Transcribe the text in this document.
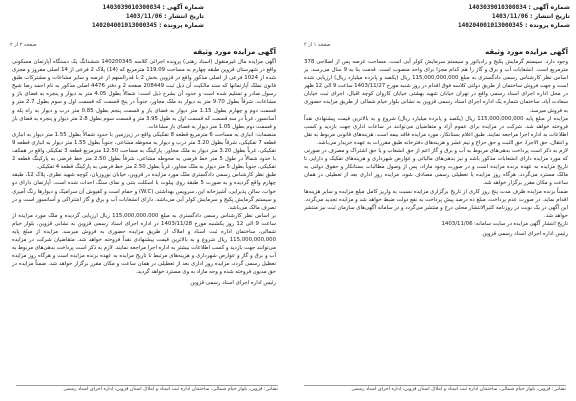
شماره آگهی : 1403039010300834
تاریخ انتشار : 1403/11/06
شماره پرونده : 140204001013000345
صفحه ۲ از ۲
آگهی مزایده مورد وثیقه

آگهی مزایده مال غیرمنقول (اسناد رهنی) پرونده اجرائی کلاسه 140200345 ششدانگ یک دستگاه آپارتمان مسکونی واقع در شهرستان قزوین طبقه چهارم به مساحت 119.09 مترمربع که (14) پلاک 2 فرعی از 14 اصلی مفروز و مجزی شده از 1024 فرعی از اصلی مذکور واقع در قزوین بخش 2 با قدرالسهم از عرصه و سایر مشاعات و مشترکات طبق قانون تملک آپارتمانها که سند مالکیت آن ذیل ثبت 208449 صفحه 2 و دفتر 4476 اصلی مذکور به نام احمد رضا شیخ رسول صادر و تسلیم شده است و حدود آن بشرح ذیل است: شمالاً بطول 4.05 متر به دیوار و پنجره به فضای باز و مشاعات، شرقاً بطول 9.70 متر به دیوار به ملک مجاور، جنوباً در پنج قسمت که قسمت اول و سوم بطول 2.7 متر و قسمت دوم و چهارم بطول 1.15 متر دیوار به فضای باز و قسمت پنجم بطول 0.85 متر درب و دیوار به راه پله و آسانسور، غرباً در سه قسمت که قسمت اول به طول 3.95 متر و قسمت سوم بطول 2.8 متر دیوار و پنجره به فضای باز و قسمت دوم بطول 1.05 متر دیوار به فضای باز مشاعات.

منضمات: انباری به مساحت 6 مترمربع قطعه 8 تفکیکی واقع در زیرزمین با حدود شمالاً بطول 1.55 متر دیوار به انباری قطعه 7 تفکیکی، شرقاً بطول 3.20 متر درب و دیوار به محوطه مشاعی، جنوباً بطول 1.55 متر دیوار به انباری قطعه 9 تفکیکی، غرباً بطول 3.20 متر دیوار به ملک مجاور. پارکینگ به مساحت 12.50 مترمربع قطعه 3 تفکیکی واقع در همکف با حدود شمالاً در طول 5 متر خط فرضی به محوطه مشاعی، شرقاً بطول 2.50 متر خط فرضی به پارکینگ قطعه 2 تفکیکی، جنوباً بطول 5 متر دیوار به ملک مجاور، غرباً بطول 2.50 متر خط فرضی به پارکینگ قطعه 4 تفکیکی.

طبق نظر کارشناس رسمی دادگستری ملک مورد مزایده در قزوین، خیابان نوروزیان، کوچه شهید نظری، پلاک 12، طبقه چهارم واقع گردیده و به صورت 5 طبقه روی پیلوت با اسکلت بتنی و نمای سنگ احداث شده است. آپارتمان دارای دو خواب، سالن پذیرایی، آشپزخانه اپن، سرویس بهداشتی (W.C) و حمام است و کفپوش آن سرامیک و دیوارها رنگ آمیزی و سیستم گرمایش پکیج و سرمایش کولر آبی می‌باشد. دارای انشعابات آب و برق و گاز اشتراکی و آسانسور است و در تصرف مالک می‌باشد.

بر اساس نظر کارشناس رسمی دادگستری به مبلغ 115,000,000,000 ریال ارزیابی گردیده و ملک مورد مزایده از ساعت 9 الی 12 روز یکشنبه مورخ 1403/11/28 در اداره اجرای اسناد رسمی قزوین به نشانی قزوین، بلوار خیام شمالی، ساختمان اداره ثبت اسناد و املاک از طریق مزایده حضوری به فروش میرسد. مزایده از مبلغ پایه 115,000,000,000 ریال شروع و به بالاترین قیمت پیشنهادی نقداً فروخته خواهد شد. متقاضیان شرکت در مزایده می‌توانند جهت بازدید و کسب اطلاعات بیشتر به اداره اجرا مراجعه نمایند. لازم به ذکر است پرداخت بدهی‌های مربوط به آب و برق و گاز و عوارض شهرداری و هزینه‌های مرتبط تا تاریخ مزایده به عهده برنده مزایده است و هرگاه روز مزایده تعطیل رسمی گردد، مزایده روز اداری بعد از تعطیلی در همان ساعت و مکان مقرر برگزار خواهد شد. ضمناً مزایده در حق مدیون فروخته شده و وجه مازاد به وی مسترد خواهد گردید.

رئیس اداره اجرای اسناد رسمی قزوین
نشانی: قزوین، بلوار خیام شمالی، ساختمان اداره ثبت اسناد و املاک استان قزوین، اداره اجرای اسناد رسمی
شماره آگهی : 1403039010300834
تاریخ انتشار : 1403/11/06
شماره پرونده : 140204001013000345
صفحه ۱ از ۲
آگهی مزایده مورد وثیقه

وجود دارد. سیستم گرمایش پکیج و رادیاتور و سیستم سرمایش کولر آبی است. مساحت عرصه پس از اصلاحی 378 مترمربع است. انشعابات آب و برق و گاز را هم کدام مجزا برای واحد منصوب است. قدمت بنا به 9 سال می‌رسد. بر اساس نظر کارشناس رسمی دادگستری به مبلغ 115,000,000,000 ریال (یکصد و پانزده میلیارد ریال) ارزیابی شده است و جهت فروش ساختمان از طریق دولتی کلاسه فوق اقدام در روز شنبه مورخ 1403/11/27 ساعت 9 الی 12 ظهر در محل اداره اجرای اسناد رسمی واقع در تهران خیابان شهید بهشتی خیابان کاروان کوچه اقبال، اجرای ثبت خیابان سعادت آباد، ساختمان شماره یک اداره اجرای اسناد رسمی قزوین به نشانی بلوار خیام شمالی از طریق مزایده حضوری به فروش میرسد.

مزایده از مبلغ پایه 115,000,000,000 ریال (یکصد و پانزده میلیارد ریال) شروع و به بالاترین قیمت پیشنهادی نقداً فروخته خواهد شد. شرکت در مزایده برای عموم آزاد و متقاضیان می‌توانند در ساعات اداری جهت بازدید و کسب اطلاعات به اداره اجرا مراجعه نمایند. طبق اعلام بستانکار، مورد مزایده فاقد بیمه است. هزینه‌های قانونی مربوط به نقل و انتقال، حق الاجرا، حق الثبت و حق حراج و نیم عشر و هزینه‌های دفترخانه طبق مقررات به عهده خریدار می‌باشد.

لازم به ذکر است پرداخت بدهی‌های مربوط به آب و برق و گاز اعم از حق انشعاب و یا حق اشتراک و مصرف در صورتی که مورد مزایده دارای انشعابات مذکور باشد و نیز بدهی‌های مالیاتی و عوارض شهرداری و هزینه‌های تفکیک و دارایی تا تاریخ مزایده به عهده برنده مزایده است و در صورت وجود مازاد، پس از وصول مطالبات بستانکار و حقوق دولتی به مالک مسترد می‌گردد. هرگاه روز مزایده با تعطیلی رسمی مصادف شود، مزایده روز اداری بعد از تعطیلی در همان ساعت و مکان مقرر برگزار خواهد شد.

ضمناً برنده مزایده ظرف مدت پنج روز کاری از تاریخ برگزاری مزایده نسبت به واریز کامل مبلغ مزایده و سایر هزینه‌ها اقدام نماید. در صورت عدم پرداخت، مبلغ ده درصد پیش پرداخت به نفع دولت ضبط خواهد شد و مزایده تجدید می‌گردد. این آگهی در یک نوبت در روزنامه کثیرالانتشار محلی درج و منتشر می‌گردد و در سامانه آگهی‌های سازمان ثبت نیز منتشر خواهد شد.

تاریخ انتشار آگهی مزایده در سایت سامانه: 1403/11/06

رئیس اداره اجرای اسناد رسمی قزوین
نشانی: قزوین، بلوار خیام شمالی، ساختمان اداره ثبت اسناد و املاک استان قزوین، اداره اجرای اسناد رسمی
